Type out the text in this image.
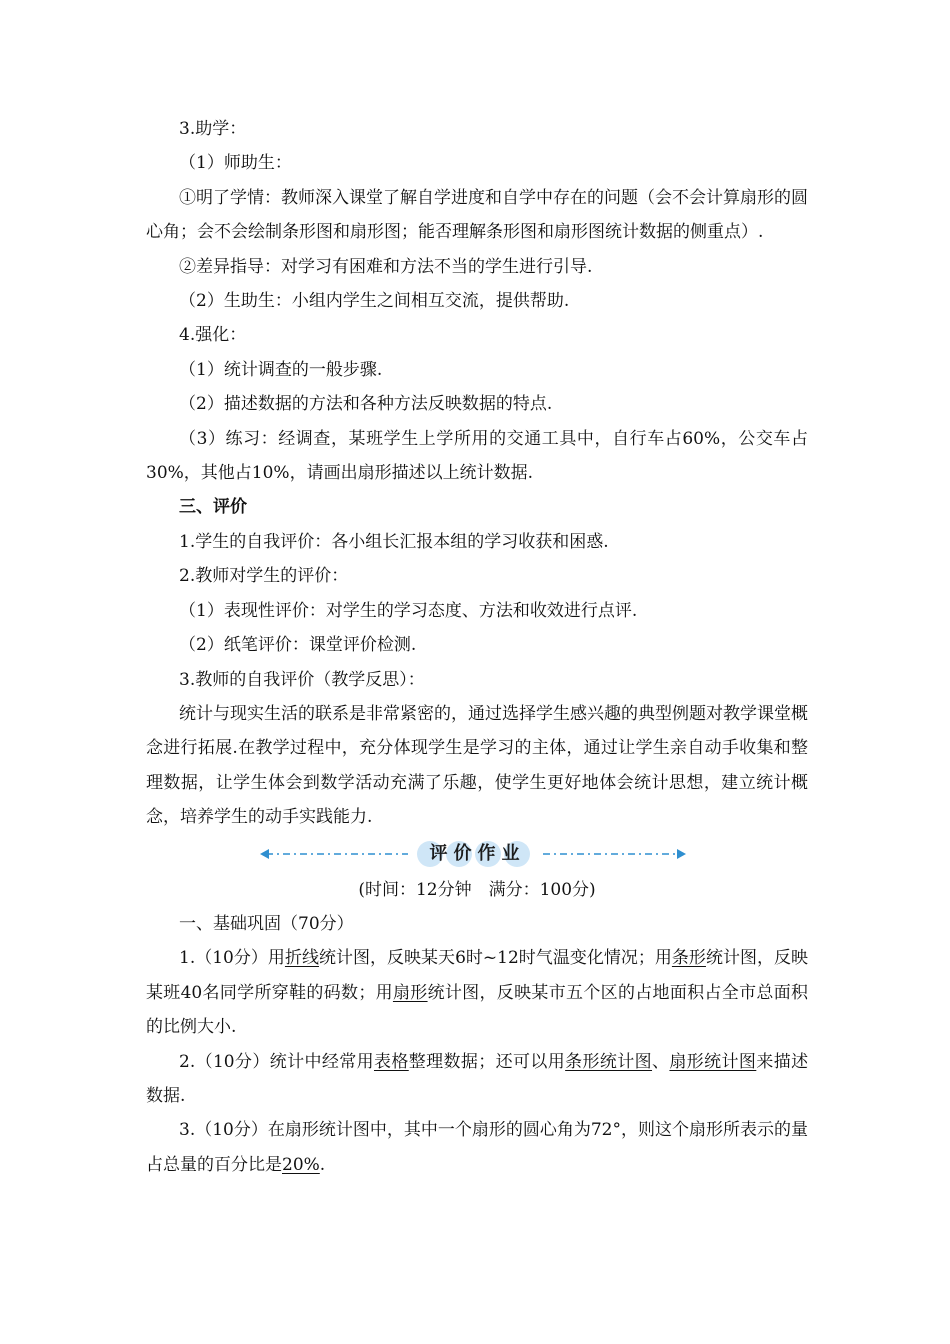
3.助学：

（1）师助生：

①明了学情：教师深入课堂了解自学进度和自学中存在的问题（会不会计算扇形的圆心角；会不会绘制条形图和扇形图；能否理解条形图和扇形图统计数据的侧重点）.

②差异指导：对学习有困难和方法不当的学生进行引导.

（2）生助生：小组内学生之间相互交流，提供帮助.

4.强化：

（1）统计调查的一般步骤.

（2）描述数据的方法和各种方法反映数据的特点.

（3）练习：经调查，某班学生上学所用的交通工具中，自行车占60%，公交车占30%，其他占10%，请画出扇形描述以上统计数据.

三、评价

1.学生的自我评价：各小组长汇报本组的学习收获和困惑.

2.教师对学生的评价：

（1）表现性评价：对学生的学习态度、方法和收效进行点评.

（2）纸笔评价：课堂评价检测.

3.教师的自我评价（教学反思）：

统计与现实生活的联系是非常紧密的，通过选择学生感兴趣的典型例题对教学课堂概念进行拓展.在教学过程中，充分体现学生是学习的主体，通过让学生亲自动手收集和整理数据，让学生体会到数学活动充满了乐趣，使学生更好地体会统计思想，建立统计概念，培养学生的动手实践能力.

评价作业

(时间：12分钟　满分：100分)

一、基础巩固（70分）

1.（10分）用折线统计图，反映某天6时~12时气温变化情况；用条形统计图，反映某班40名同学所穿鞋的码数；用扇形统计图，反映某市五个区的占地面积占全市总面积的比例大小.

2.（10分）统计中经常用表格整理数据；还可以用条形统计图、扇形统计图来描述数据.

3.（10分）在扇形统计图中，其中一个扇形的圆心角为72°，则这个扇形所表示的量占总量的百分比是20%.
